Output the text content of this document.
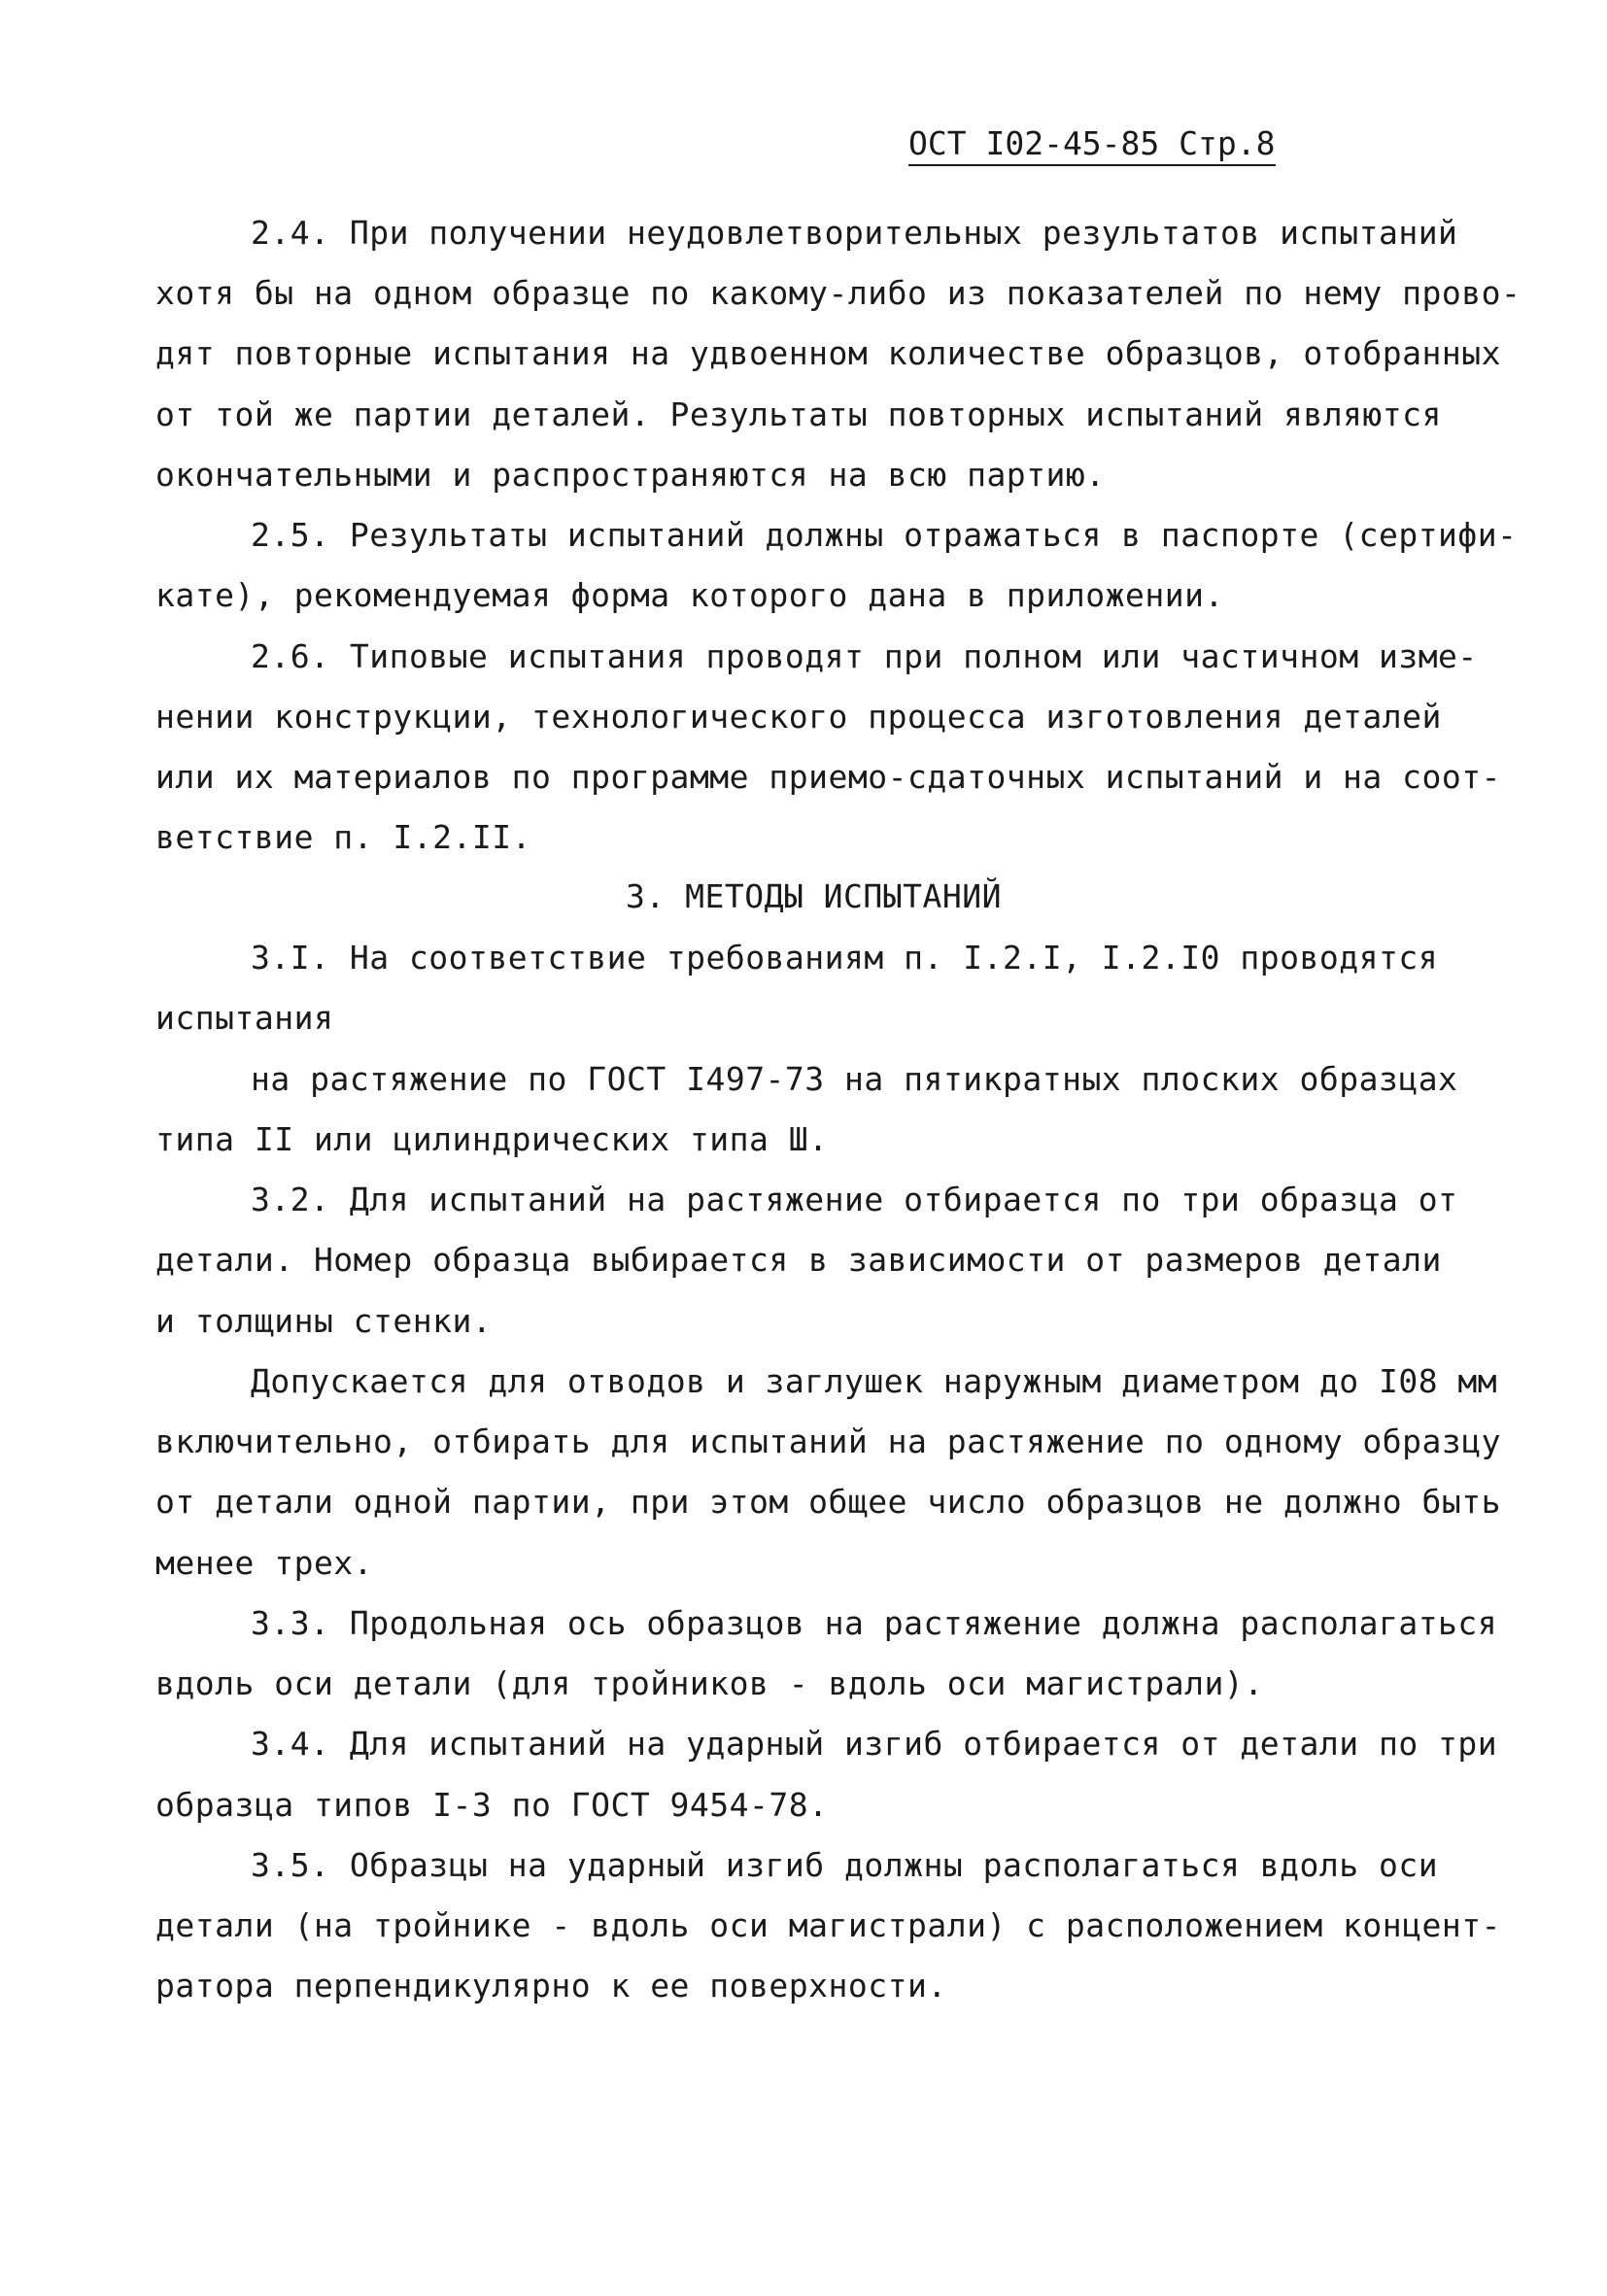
ОСТ I02-45-85 Стр.8
2.4. При получении неудовлетворительных результатов испытаний
хотя бы на одном образце по какому-либо из показателей по нему прово-
дят повторные испытания на удвоенном количестве образцов, отобранных
от той же партии деталей. Результаты повторных испытаний являются
окончательными и распространяются на всю партию.
2.5. Результаты испытаний должны отражаться в паспорте (сертифи-
кате), рекомендуемая форма которого дана в приложении.
2.6. Типовые испытания проводят при полном или частичном изме-
нении конструкции, технологического процесса изготовления деталей
или их материалов по программе приемо-сдаточных испытаний и на соот-
ветствие п. I.2.II.
3. МЕТОДЫ ИСПЫТАНИЙ
3.I. На соответствие требованиям п. I.2.I, I.2.I0 проводятся
испытания
на растяжение по ГОСТ I497-73 на пятикратных плоских образцах
типа II или цилиндрических типа Ш.
3.2. Для испытаний на растяжение отбирается по три образца от
детали. Номер образца выбирается в зависимости от размеров детали
и толщины стенки.
Допускается для отводов и заглушек наружным диаметром до I08 мм
включительно, отбирать для испытаний на растяжение по одному образцу
от детали одной партии, при этом общее число образцов не должно быть
менее трех.
3.3. Продольная ось образцов на растяжение должна располагаться
вдоль оси детали (для тройников - вдоль оси магистрали).
3.4. Для испытаний на ударный изгиб отбирается от детали по три
образца типов I-3 по ГОСТ 9454-78.
3.5. Образцы на ударный изгиб должны располагаться вдоль оси
детали (на тройнике - вдоль оси магистрали) с расположением концент-
ратора перпендикулярно к ее поверхности.
